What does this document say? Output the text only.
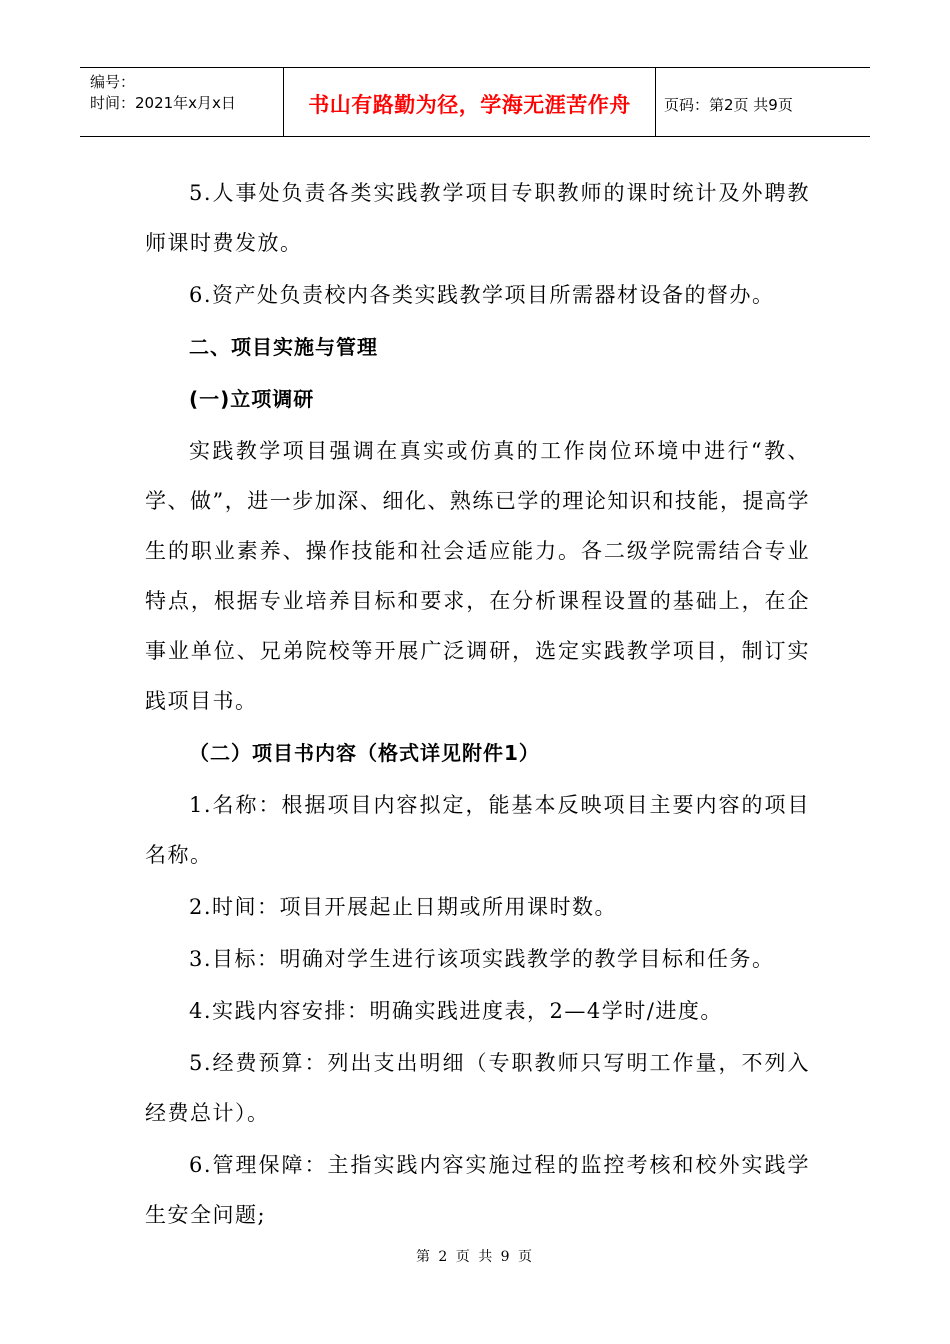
编号：
时间：2021年x月x日	书山有路勤为径，学海无涯苦作舟	页码：第2页 共9页

5.人事处负责各类实践教学项目专职教师的课时统计及外聘教师课时费发放。

6.资产处负责校内各类实践教学项目所需器材设备的督办。

二、项目实施与管理

(一)立项调研

实践教学项目强调在真实或仿真的工作岗位环境中进行“教、学、做”，进一步加深、细化、熟练已学的理论知识和技能，提高学生的职业素养、操作技能和社会适应能力。各二级学院需结合专业特点，根据专业培养目标和要求，在分析课程设置的基础上，在企事业单位、兄弟院校等开展广泛调研，选定实践教学项目，制订实践项目书。

（二）项目书内容（格式详见附件1）

1.名称：根据项目内容拟定，能基本反映项目主要内容的项目名称。

2.时间：项目开展起止日期或所用课时数。

3.目标：明确对学生进行该项实践教学的教学目标和任务。

4.实践内容安排：明确实践进度表，2—4学时/进度。

5.经费预算：列出支出明细（专职教师只写明工作量，不列入经费总计）。

6.管理保障：主指实践内容实施过程的监控考核和校外实践学生安全问题;

第 2 页 共 9 页
